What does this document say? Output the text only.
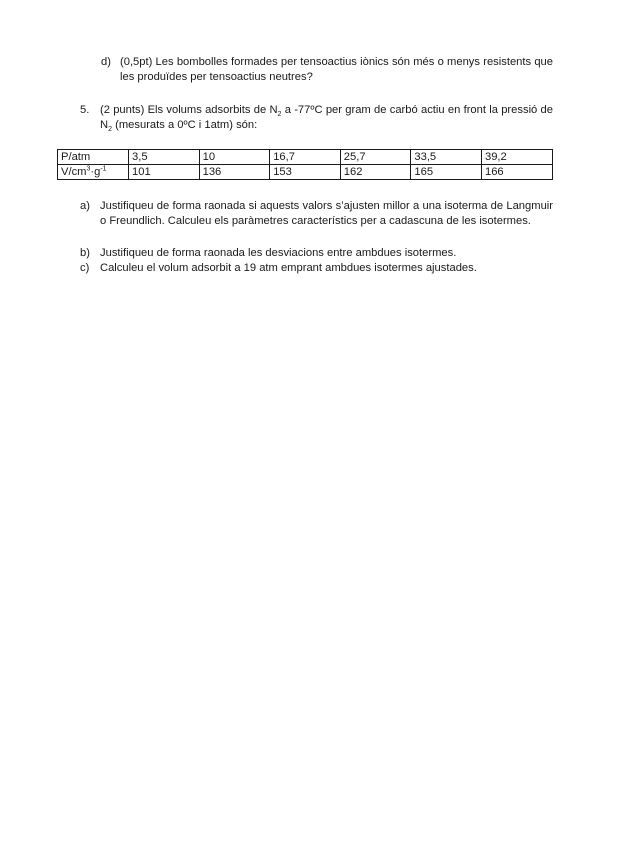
d) (0,5pt) Les bombolles formades per tensoactius iònics són més o menys resistents que les produïdes per tensoactius neutres?
5. (2 punts) Els volums adsorbits de $N_2$ a -77ºC per gram de carbó actiu en front la pressió de $N_2$ (mesurats a 0ºC i 1atm) són:
P/atm	3,5	10	16,7	25,7	33,5	39,2
$V/cm^3\cdot g^{-1}$	101	136	153	162	165	166
a) Justifiqueu de forma raonada si aquests valors s’ajusten millor a una isoterma de Langmuir o Freundlich. Calculeu els paràmetres característics per a cadascuna de les isotermes.
b) Justifiqueu de forma raonada les desviacions entre ambdues isotermes.
c) Calculeu el volum adsorbit a 19 atm emprant ambdues isotermes ajustades.
